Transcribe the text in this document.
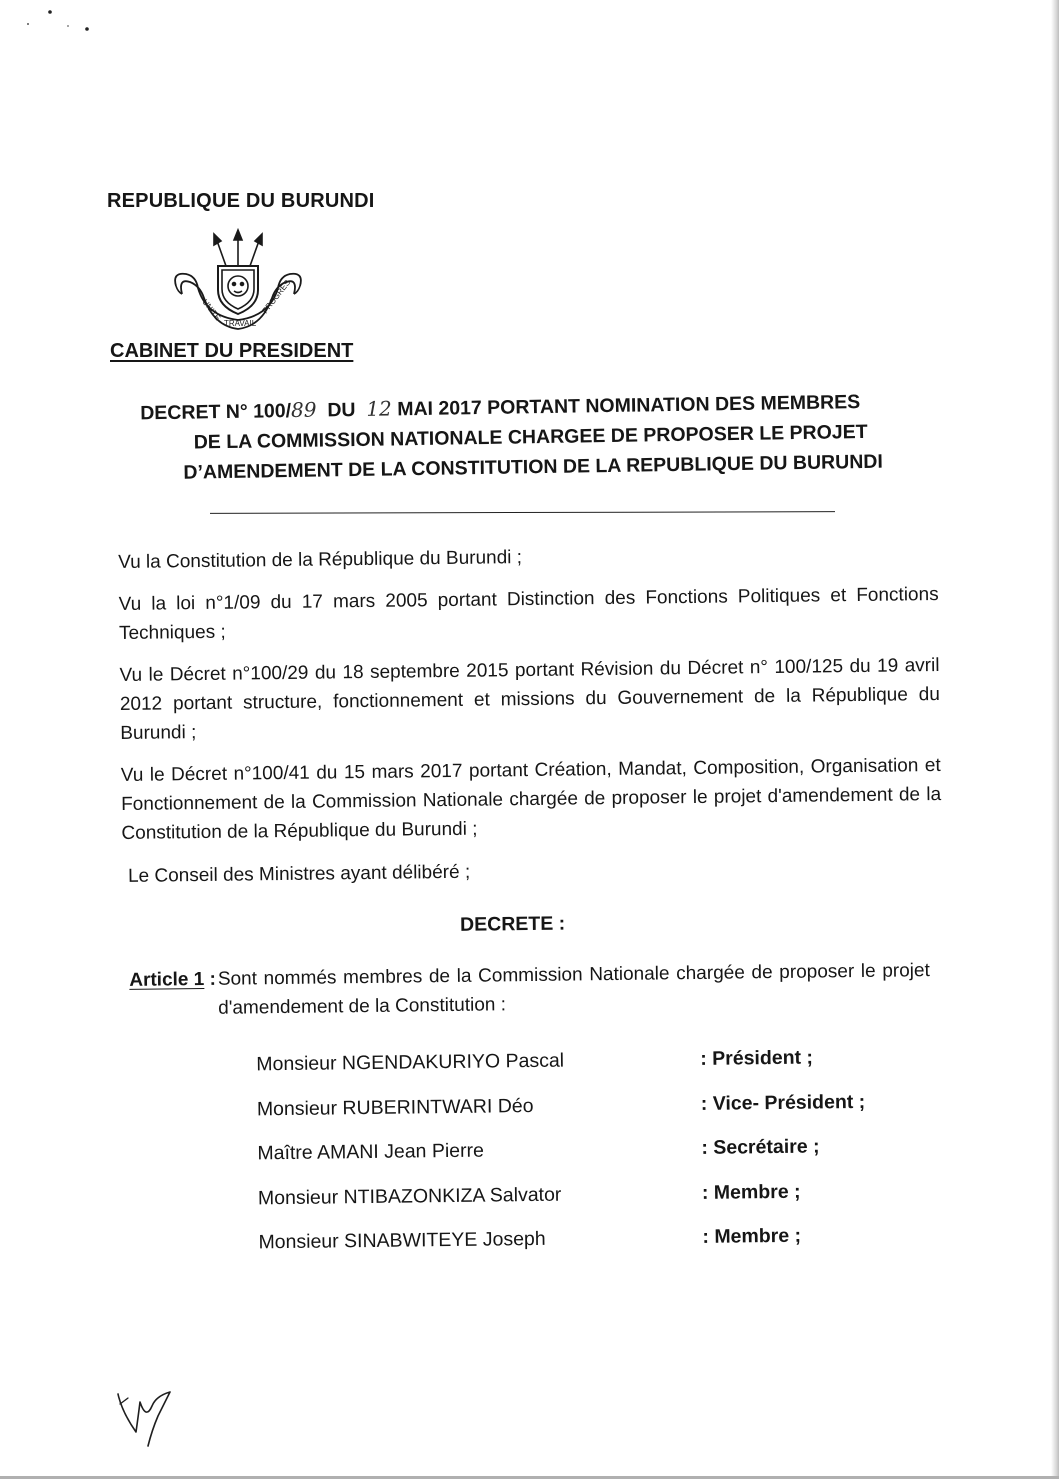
REPUBLIQUE DU BURUNDI
UNITE
TRAVAIL
PROGRES
CABINET DU PRESIDENT
DECRET N° 100/89 DU 12 MAI 2017 PORTANT NOMINATION DES MEMBRES
DE LA COMMISSION NATIONALE CHARGEE DE PROPOSER LE PROJET
D’AMENDEMENT DE LA CONSTITUTION DE LA REPUBLIQUE DU BURUNDI

Vu la Constitution de la République du Burundi ;

Vu la loi n°1/09 du 17 mars 2005 portant Distinction des Fonctions Politiques et Fonctions Techniques ;

Vu le Décret n°100/29 du 18 septembre 2015 portant Révision du Décret n° 100/125 du 19 avril 2012 portant structure, fonctionnement et missions du Gouvernement de la République du Burundi ;

Vu le Décret n°100/41 du 15 mars 2017 portant Création, Mandat, Composition, Organisation et Fonctionnement de la Commission Nationale chargée de proposer le projet d'amendement de la Constitution de la République du Burundi ;

Le Conseil des Ministres ayant délibéré ;
DECRETE :
Article 1 : Sont nommés membres de la Commission Nationale chargée de proposer le projet d'amendement de la Constitution :
Monsieur NGENDAKURIYO Pascal	: Président ;
Monsieur RUBERINTWARI Déo	: Vice- Président ;
Maître AMANI Jean Pierre	: Secrétaire ;
Monsieur NTIBAZONKIZA Salvator	: Membre ;
Monsieur SINABWITEYE Joseph	: Membre ;
